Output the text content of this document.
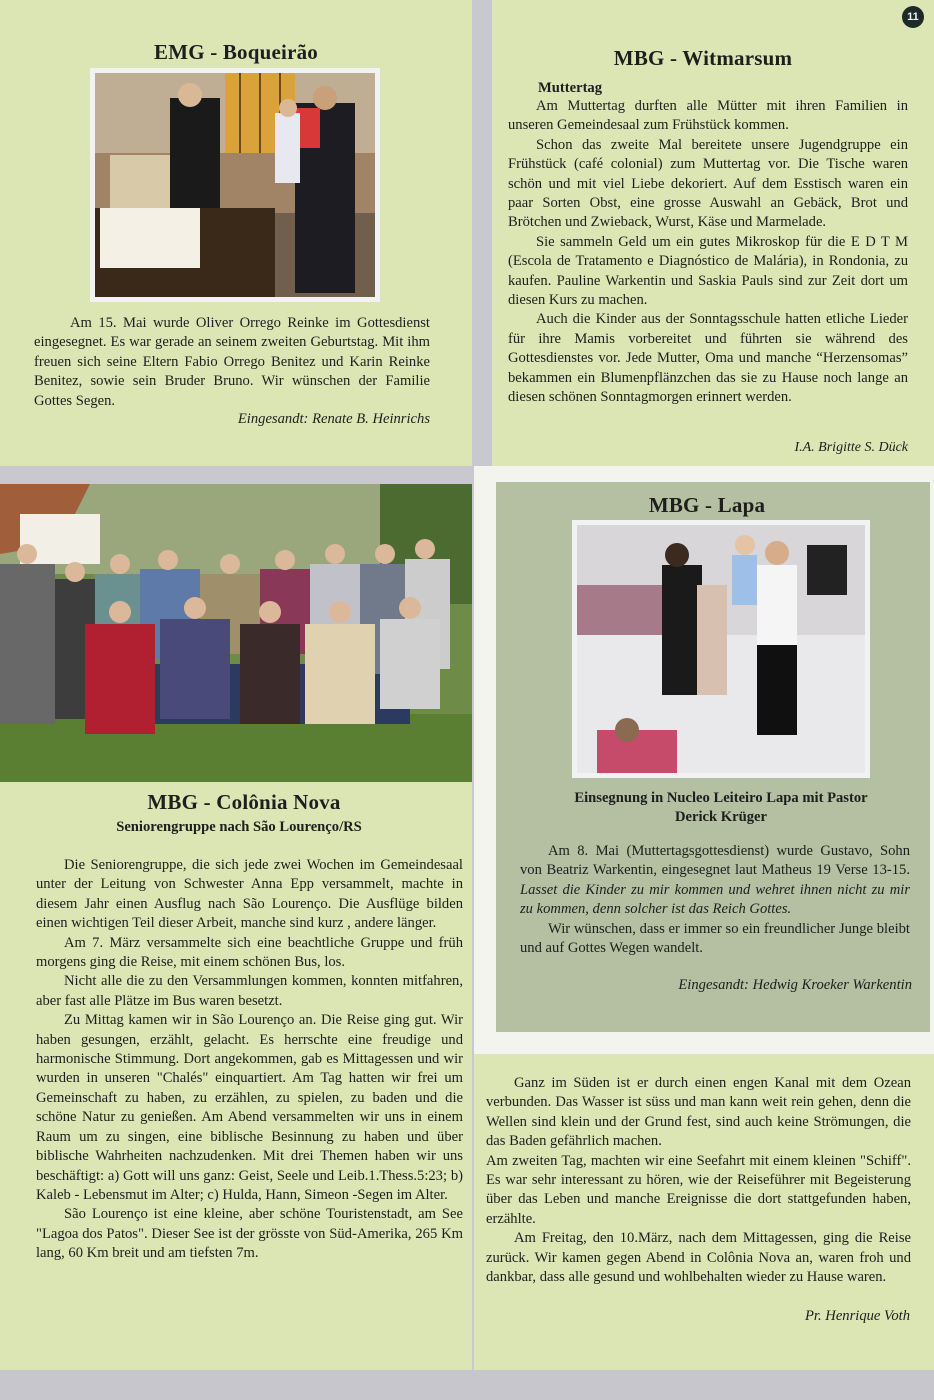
EMG - Boqueirão

Am 15. Mai wurde Oliver Orrego Reinke im Gottesdienst eingesegnet. Es war gerade an seinem zweiten Geburtstag. Mit ihm freuen sich seine Eltern Fabio Orrego Benitez und Karin Reinke Benitez, sowie sein Bruder Bruno. Wir wünschen der Familie Gottes Segen.

Eingesandt: Renate B. Heinrichs

11
MBG - Witmarsum

Muttertag

Am Muttertag durften alle Mütter mit ihren Familien in unseren Gemeindesaal zum Frühstück kommen.

Schon das zweite Mal bereitete unsere Jugendgruppe ein Frühstück (café colonial) zum Muttertag vor. Die Tische waren schön und mit viel Liebe dekoriert. Auf dem Esstisch waren ein paar Sorten Obst, eine grosse Auswahl an Gebäck, Brot und Brötchen und Zwieback, Wurst, Käse und Marmelade.

Sie sammeln Geld um ein gutes Mikroskop für die E D T M (Escola de Tratamento e Diagnóstico de Malária), in Rondonia, zu kaufen. Pauline Warkentin und Saskia Pauls sind zur Zeit dort um diesen Kurs zu machen.

Auch die Kinder aus der Sonntagsschule hatten etliche Lieder für ihre Mamis vorbereitet und führten sie während des Gottesdienstes vor. Jede Mutter, Oma und manche “Herzensomas” bekammen ein Blumenpflänzchen das sie zu Hause noch lange an diesen schönen Sonntagmorgen erinnert werden.

I.A. Brigitte S. Dück

MBG - Colônia Nova

Seniorengruppe nach São Lourenço/RS

Die Seniorengruppe, die sich jede zwei Wochen im Gemeindesaal unter der Leitung von Schwester Anna Epp versammelt, machte in diesem Jahr einen Ausflug nach São Lourenço. Die Ausflüge bilden einen wichtigen Teil dieser Arbeit, manche sind kurz , andere länger.

Am 7. März versammelte sich eine beachtliche Gruppe und früh morgens ging die Reise, mit einem schönen Bus, los.

Nicht alle die zu den Versammlungen kommen, konnten mitfahren, aber fast alle Plätze im Bus waren besetzt.

Zu Mittag kamen wir in São Lourenço an. Die Reise ging gut. Wir haben gesungen, erzählt, gelacht. Es herrschte eine freudige und harmonische Stimmung. Dort angekommen, gab es Mittagessen und wir wurden in unseren "Chalés" einquartiert. Am Tag hatten wir frei um Gemeinschaft zu haben, zu erzählen, zu spielen, zu baden und die schöne Natur zu genießen. Am Abend versammelten wir uns in einem Raum um zu singen, eine biblische Besinnung zu haben und über biblische Wahrheiten nachzudenken. Mit drei Themen haben wir uns beschäftigt: a) Gott will uns ganz: Geist, Seele und Leib.1.Thess.5:23; b) Kaleb - Lebensmut im Alter; c) Hulda, Hann, Simeon -Segen im Alter.

São Lourenço ist eine kleine, aber schöne Touristenstadt, am See "Lagoa dos Patos". Dieser See ist der grösste von Süd-Amerika, 265 Km lang, 60 Km breit und am tiefsten 7m.

MBG - Lapa

Einsegnung in Nucleo Leiteiro Lapa mit Pastor Derick Krüger

Am 8. Mai (Muttertagsgottesdienst) wurde Gustavo, Sohn von Beatriz Warkentin, eingesegnet laut Matheus 19 Verse 13-15. Lasset die Kinder zu mir kommen und wehret ihnen nicht zu mir zu kommen, denn solcher ist das Reich Gottes.

Wir wünschen, dass er immer so ein freundlicher Junge bleibt und auf Gottes Wegen wandelt.

Eingesandt: Hedwig Kroeker Warkentin

Ganz im Süden ist er durch einen engen Kanal mit dem Ozean verbunden. Das Wasser ist süss und man kann weit rein gehen, denn die Wellen sind klein und der Grund fest, sind auch keine Strömungen, die das Baden gefährlich machen.

Am zweiten Tag, machten wir eine Seefahrt mit einem kleinen "Schiff". Es war sehr interessant zu hören, wie der Reiseführer mit Begeisterung über das Leben und manche Ereignisse die dort stattgefunden haben, erzählte.

Am Freitag, den 10.März, nach dem Mittagessen, ging die Reise zurück. Wir kamen gegen Abend in Colônia Nova an, waren froh und dankbar, dass alle gesund und wohlbehalten wieder zu Hause waren.

Pr. Henrique Voth
